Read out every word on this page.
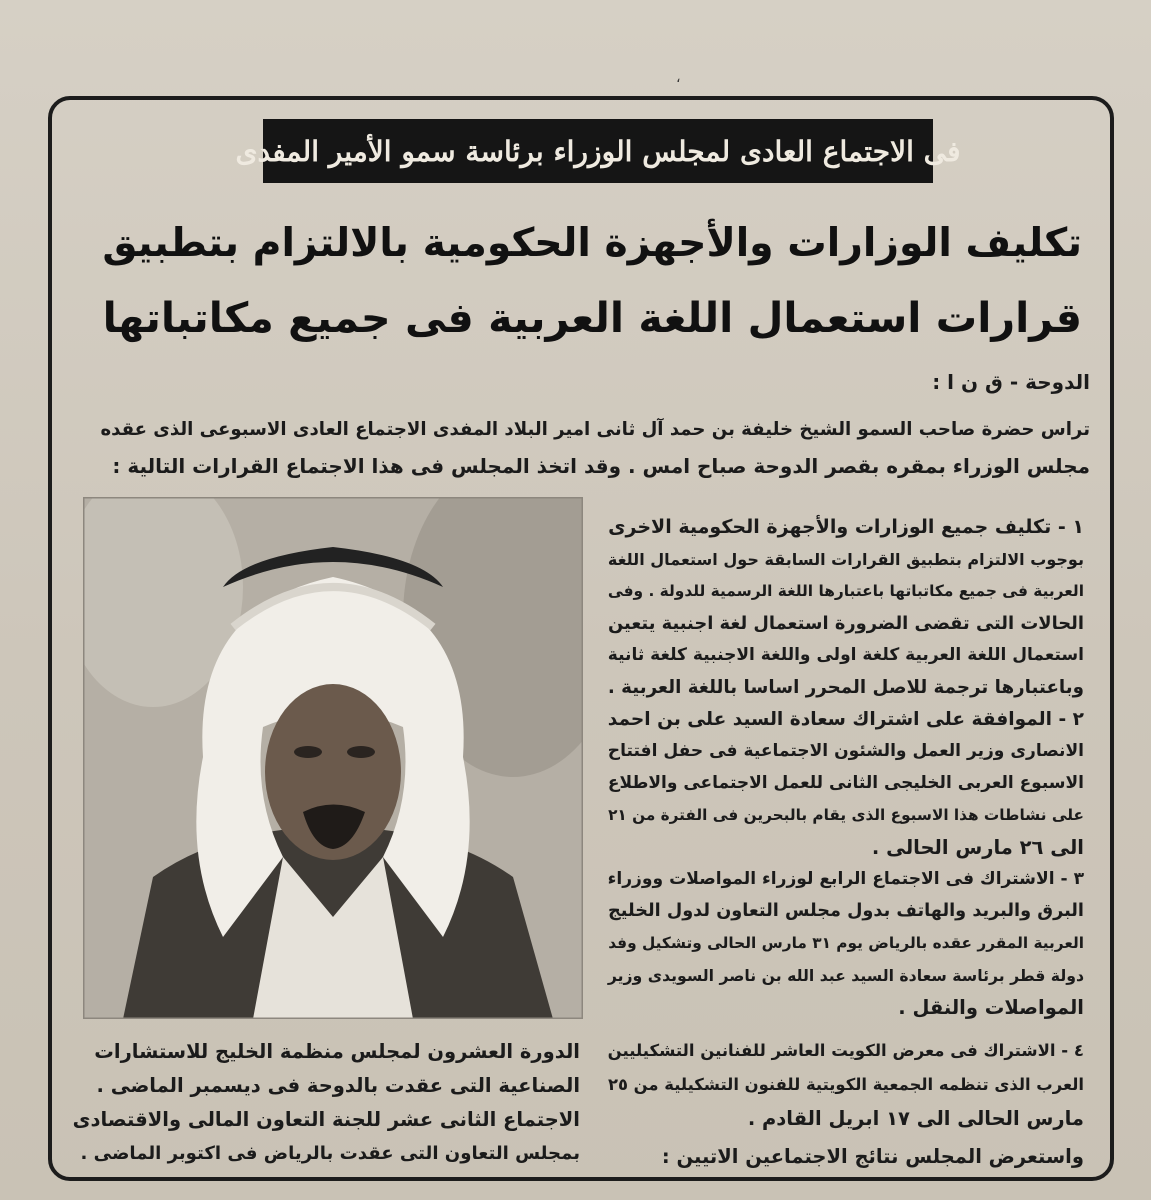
،
فى الاجتماع العادى لمجلس الوزراء برئاسة سمو الأمير المفدى
تكليف الوزارات والأجهزة الحكومية بالالتزام بتطبيق
قرارات استعمال اللغة العربية فى جميع مكاتباتها
الدوحة - ق ن ا :
تراس حضرة صاحب السمو الشيخ خليفة بن حمد آل ثانى امير البلاد المفدى الاجتماع العادى الاسبوعى الذى عقده
مجلس الوزراء بمقره بقصر الدوحة صباح امس . وقد اتخذ المجلس فى هذا الاجتماع القرارات التالية :
١ - تكليف جميع الوزارات والأجهزة الحكومية الاخرى
بوجوب الالتزام بتطبيق القرارات السابقة حول استعمال اللغة
العربية فى جميع مكاتباتها باعتبارها اللغة الرسمية للدولة . وفى
الحالات التى تقضى الضرورة استعمال لغة اجنبية يتعين
استعمال اللغة العربية كلغة اولى واللغة الاجنبية كلغة ثانية
وباعتبارها ترجمة للاصل المحرر اساسا باللغة العربية .
٢ - الموافقة على اشتراك سعادة السيد على بن احمد
الانصارى وزير العمل والشئون الاجتماعية فى حفل افتتاح
الاسبوع العربى الخليجى الثانى للعمل الاجتماعى والاطلاع
على نشاطات هذا الاسبوع الذى يقام بالبحرين فى الفترة من ٢١
الى ٢٦ مارس الحالى .
٣ - الاشتراك فى الاجتماع الرابع لوزراء المواصلات ووزراء
البرق والبريد والهاتف بدول مجلس التعاون لدول الخليج
العربية المقرر عقده بالرياض يوم ٣١ مارس الحالى وتشكيل وفد
دولة قطر برئاسة سعادة السيد عبد الله بن ناصر السويدى وزير
المواصلات والنقل .
٤ - الاشتراك فى معرض الكويت العاشر للفنانين التشكيليين
العرب الذى تنظمه الجمعية الكويتية للفنون التشكيلية من ٢٥
مارس الحالى الى ١٧ ابريل القادم .
واستعرض المجلس نتائج الاجتماعين الاتيين :
الدورة العشرون لمجلس منظمة الخليج للاستشارات
الصناعية التى عقدت بالدوحة فى ديسمبر الماضى .
الاجتماع الثانى عشر للجنة التعاون المالى والاقتصادى
بمجلس التعاون التى عقدت بالرياض فى اكتوبر الماضى .
